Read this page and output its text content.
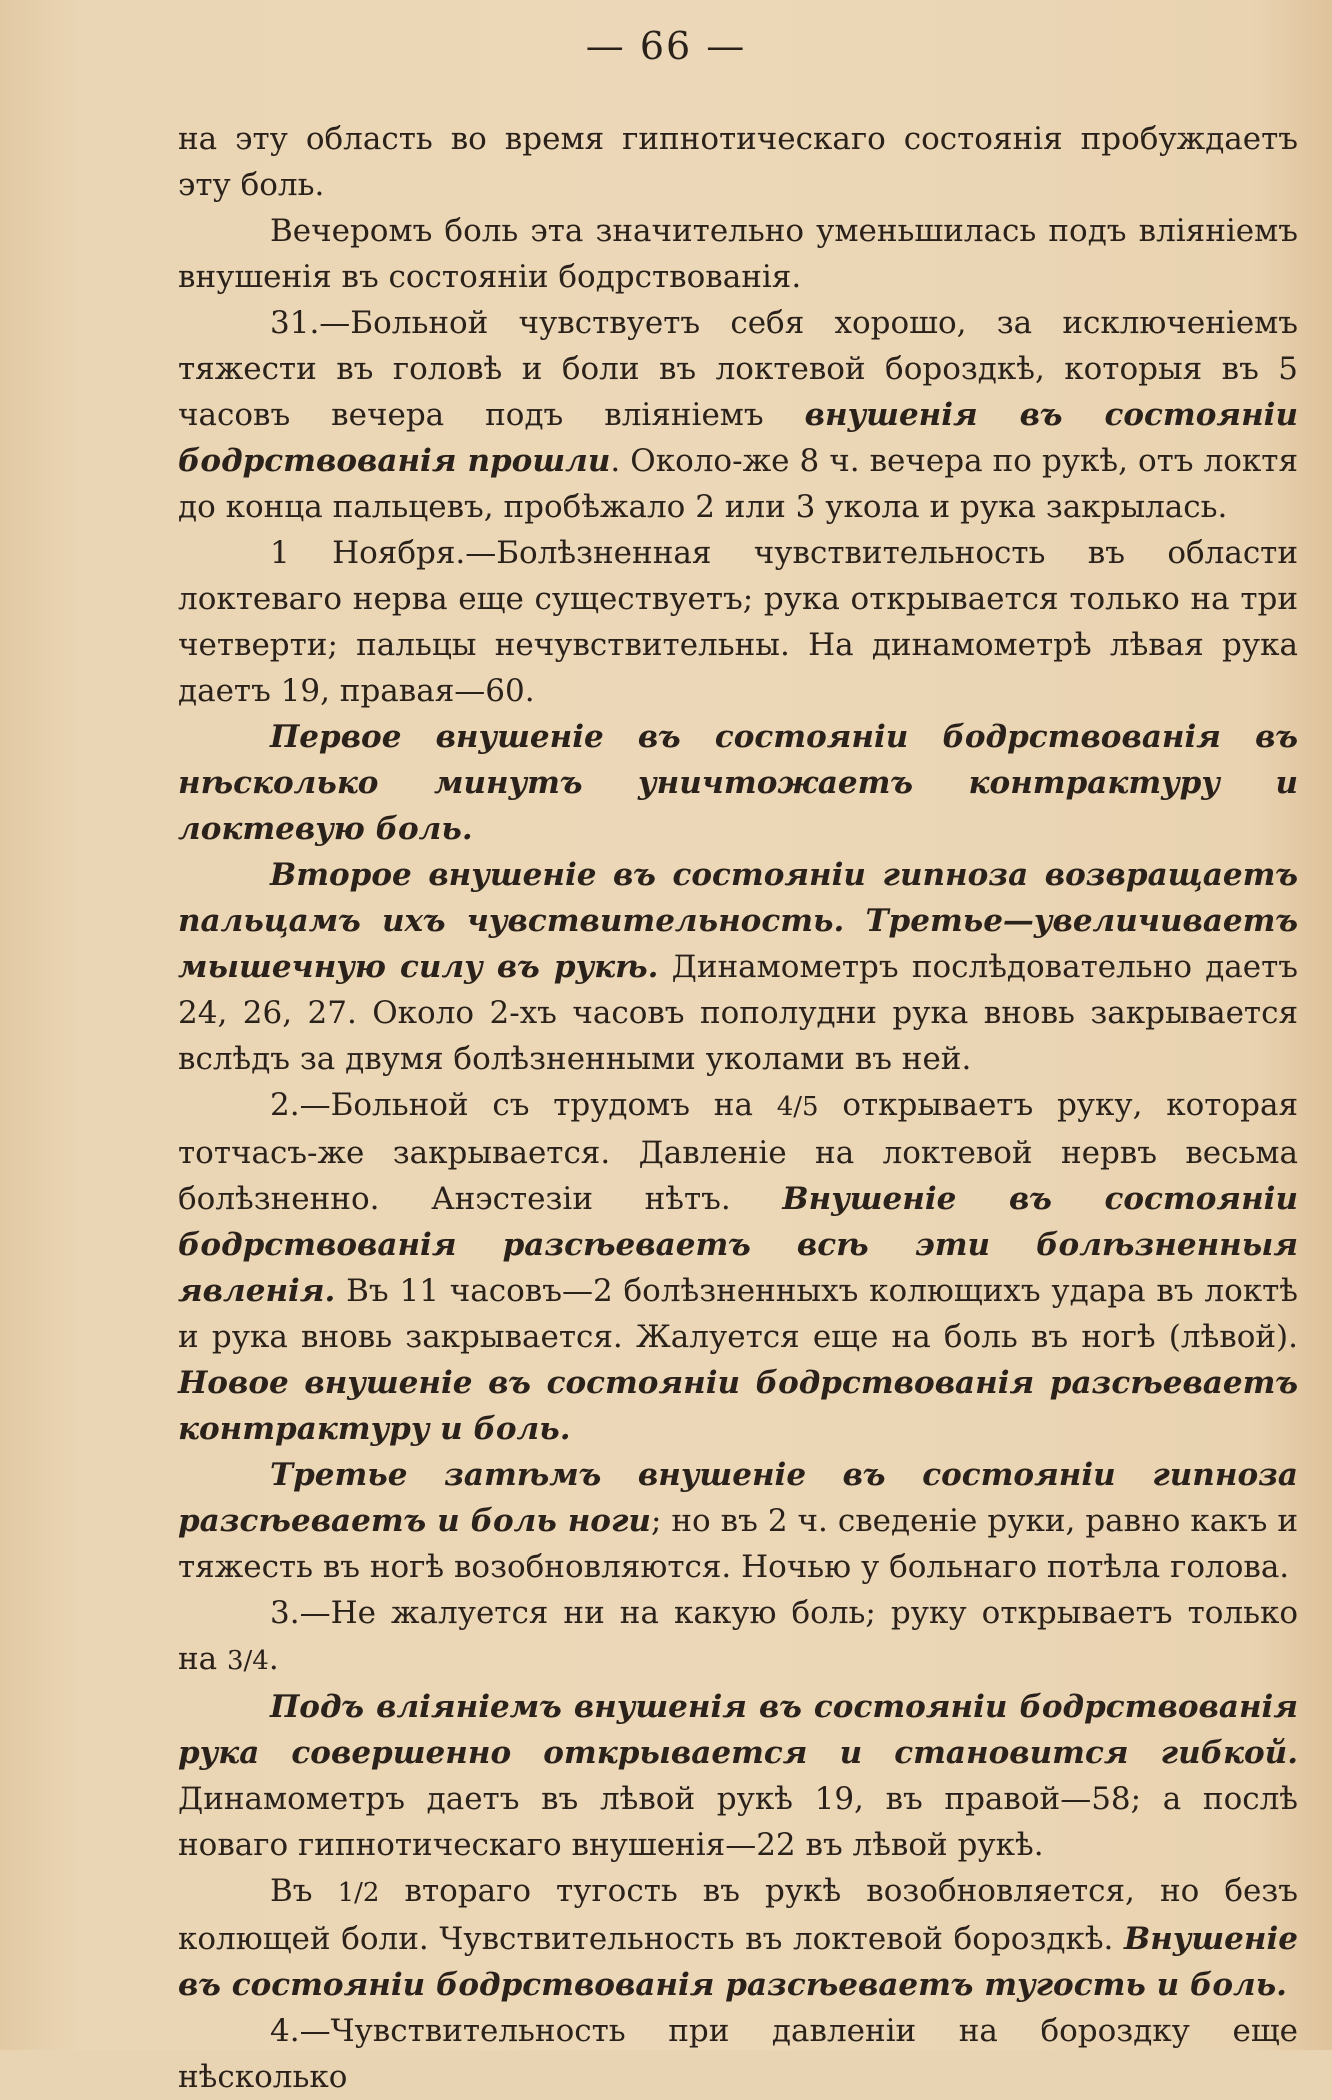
— 66 —

на эту область во время гипнотическаго состоянія пробуждаетъ эту боль.

Вечеромъ боль эта значительно уменьшилась подъ вліяніемъ внушенія въ состояніи бодрствованія.

31.—Больной чувствуетъ себя хорошо, за исключеніемъ тяжести въ головѣ и боли въ локтевой бороздкѣ, которыя въ 5 часовъ вечера подъ вліяніемъ внушенія въ состояніи бодрствованія прошли. Около-же 8 ч. вечера по рукѣ, отъ локтя до конца пальцевъ, пробѣжало 2 или 3 укола и рука закрылась.

1 Ноября.—Болѣзненная чувствительность въ области локтеваго нерва еще существуетъ; рука открывается только на три четверти; пальцы нечувствительны. На динамометрѣ лѣвая рука даетъ 19, правая—60.

Первое внушеніе въ состояніи бодрствованія въ нѣсколько минутъ уничтожаетъ контрактуру и локтевую боль.

Второе внушеніе въ состояніи гипноза возвращаетъ пальцамъ ихъ чувствительность. Третье—увеличиваетъ мышечную силу въ рукѣ. Динамометръ послѣдовательно даетъ 24, 26, 27. Около 2-хъ часовъ пополудни рука вновь закрывается вслѣдъ за двумя болѣзненными уколами въ ней.

2.—Больной съ трудомъ на 4/5 открываетъ руку, которая тотчасъ-же закрывается. Давленіе на локтевой нервъ весьма болѣзненно. Анэстезіи нѣтъ. Внушеніе въ состояніи бодрствованія разсѣеваетъ всѣ эти болѣзненныя явленія. Въ 11 часовъ—2 болѣзненныхъ колющихъ удара въ локтѣ и рука вновь закрывается. Жалуется еще на боль въ ногѣ (лѣвой). Новое внушеніе въ состояніи бодрствованія разсѣеваетъ контрактуру и боль.

Третье затѣмъ внушеніе въ состояніи гипноза разсѣеваетъ и боль ноги; но въ 2 ч. сведеніе руки, равно какъ и тяжесть въ ногѣ возобновляются. Ночью у больнаго потѣла голова.

3.—Не жалуется ни на какую боль; руку открываетъ только на 3/4.

Подъ вліяніемъ внушенія въ состояніи бодрствованія рука совершенно открывается и становится гибкой. Динамометръ даетъ въ лѣвой рукѣ 19, въ правой—58; а послѣ новаго гипнотическаго внушенія—22 въ лѣвой рукѣ.

Въ 1/2 втораго тугость въ рукѣ возобновляется, но безъ колющей боли. Чувствительность въ локтевой бороздкѣ. Внушеніе въ состояніи бодрствованія разсѣеваетъ тугость и боль.

4.—Чувствительность при давленіи на бороздку еще нѣсколько
